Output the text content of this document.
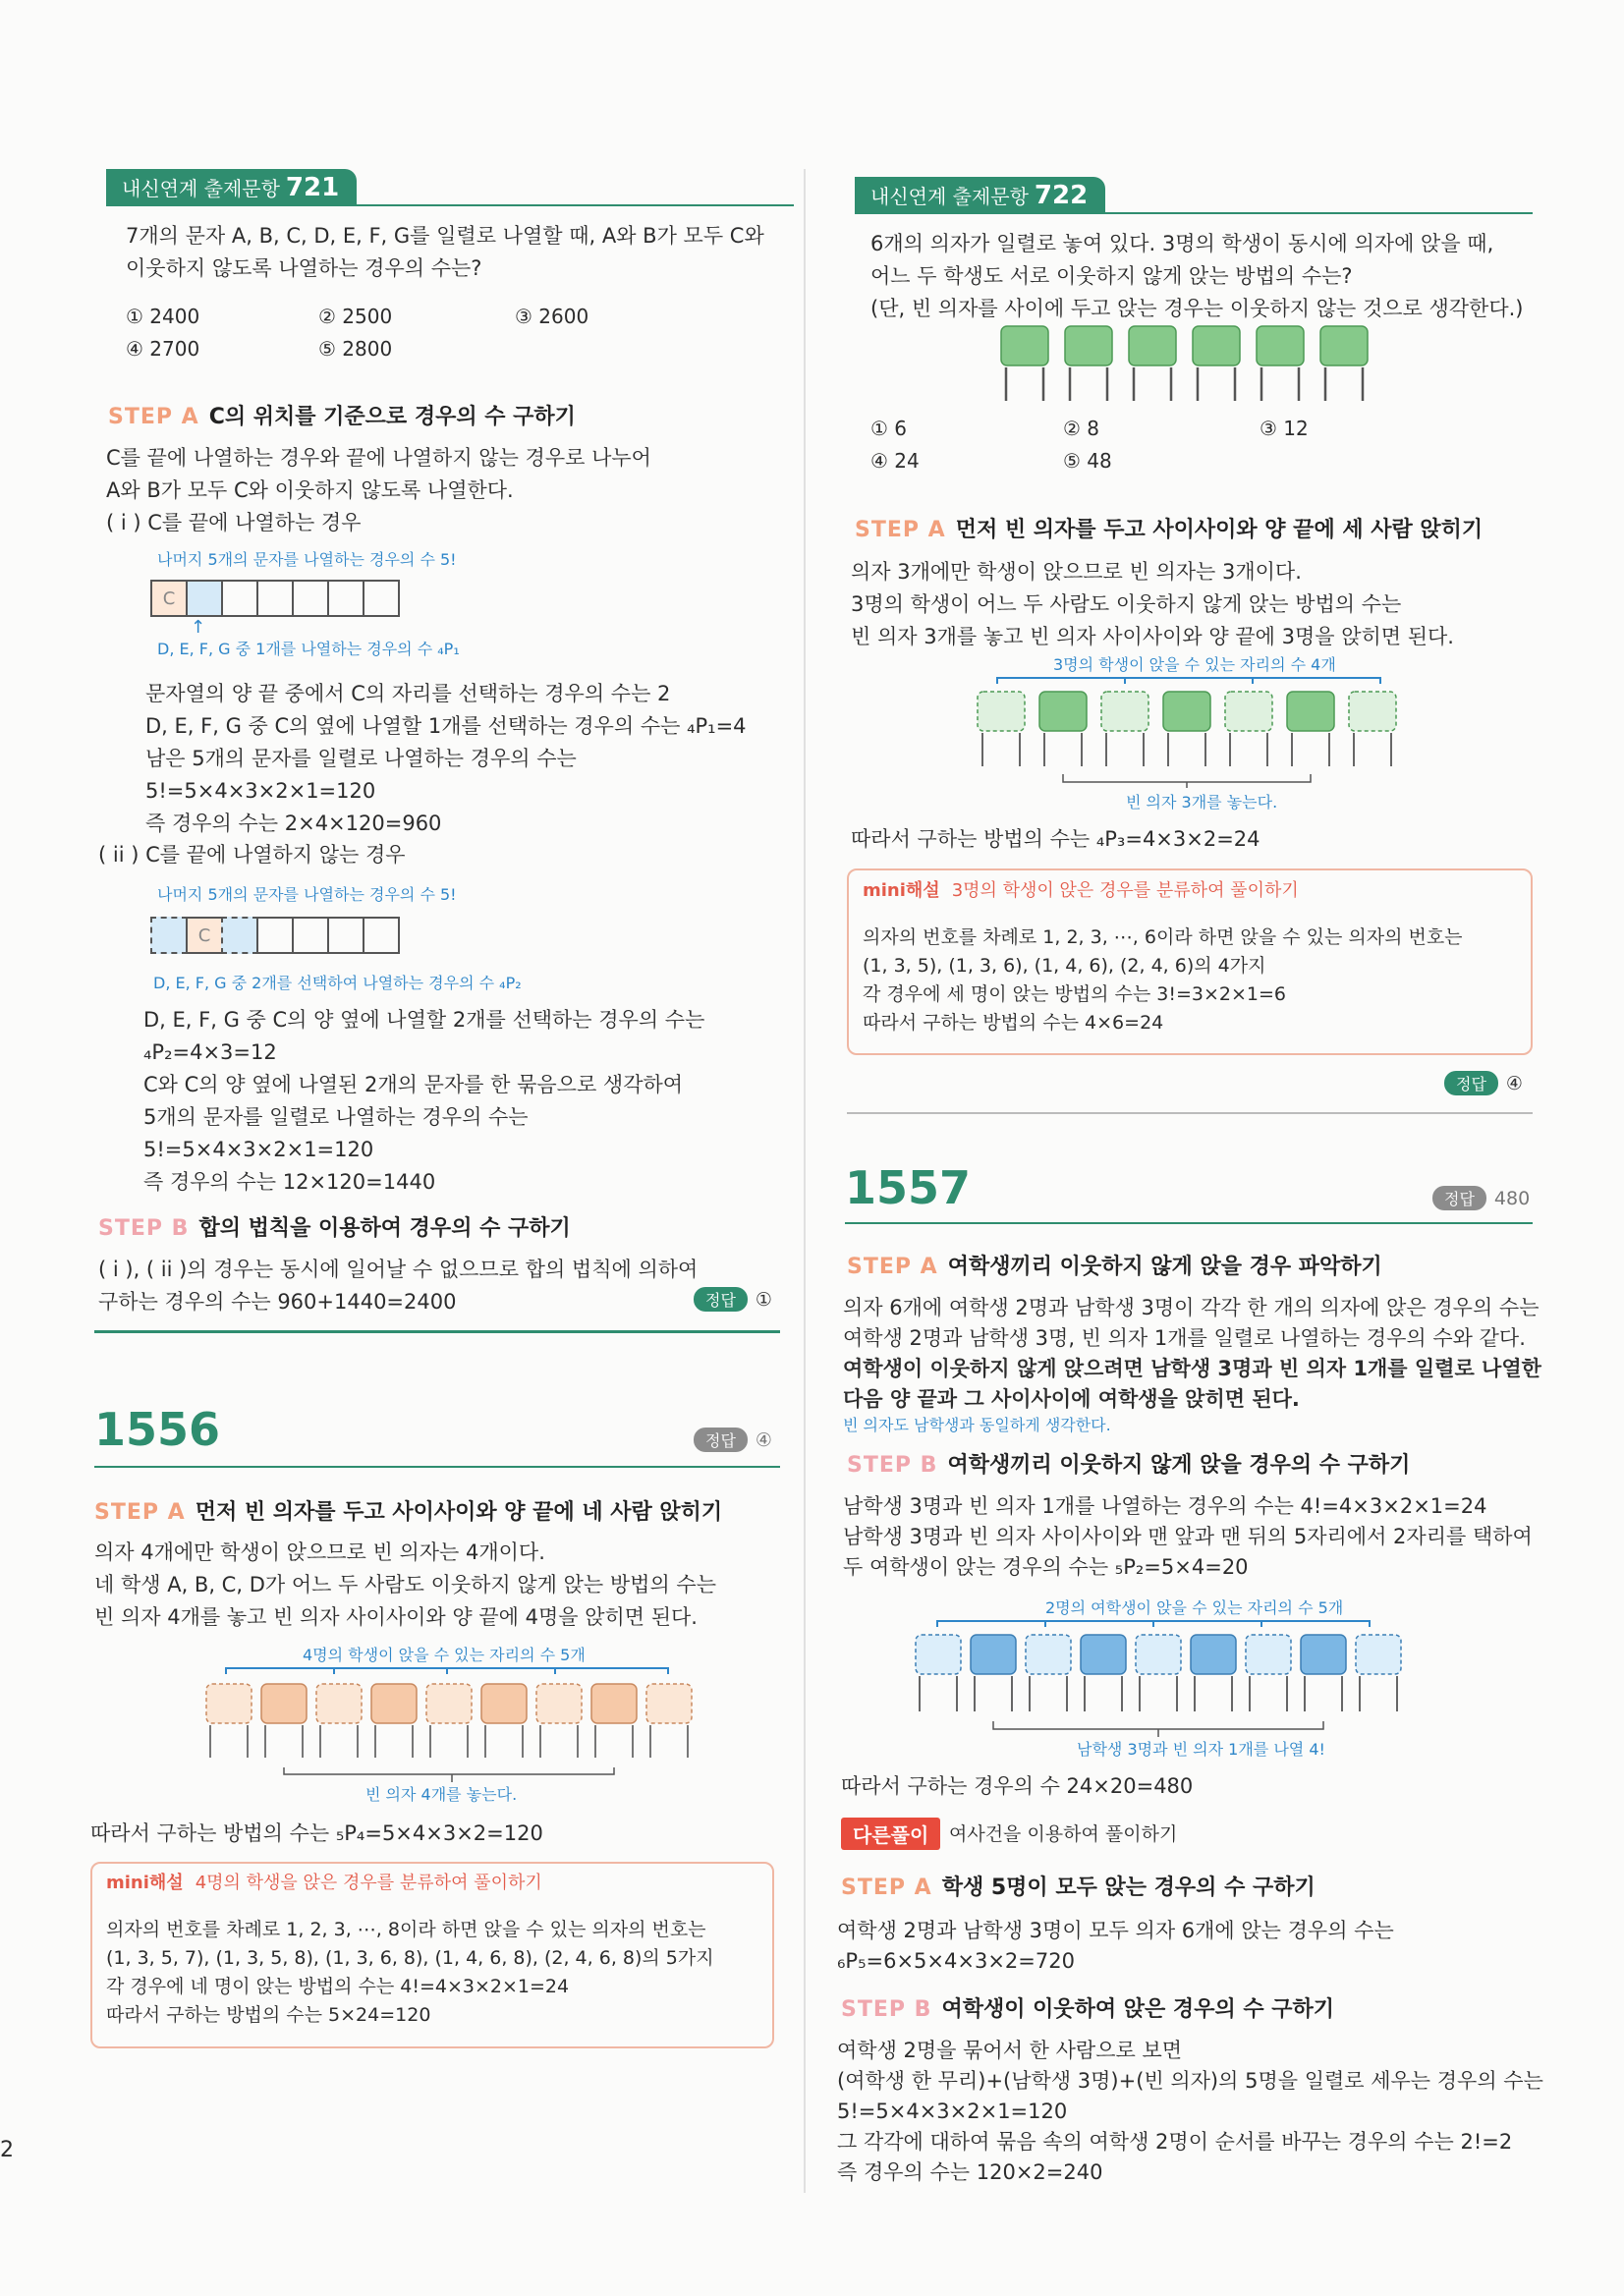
내신연계 출제문항 721
7개의 문자 A, B, C, D, E, F, G를 일렬로 나열할 때, A와 B가 모두 C와
이웃하지 않도록 나열하는 경우의 수는?
① 2400	② 2500	③ 2600
④ 2700	⑤ 2800
STEP A C의 위치를 기준으로 경우의 수 구하기
C를 끝에 나열하는 경우와 끝에 나열하지 않는 경우로 나누어
A와 B가 모두 C와 이웃하지 않도록 나열한다.
( i ) C를 끝에 나열하는 경우
나머지 5개의 문자를 나열하는 경우의 수 5!
C
↑
D, E, F, G 중 1개를 나열하는 경우의 수 ₄P₁
문자열의 양 끝 중에서 C의 자리를 선택하는 경우의 수는 2
D, E, F, G 중 C의 옆에 나열할 1개를 선택하는 경우의 수는 ₄P₁=4
남은 5개의 문자를 일렬로 나열하는 경우의 수는
5!=5×4×3×2×1=120
즉 경우의 수는 2×4×120=960
( ii ) C를 끝에 나열하지 않는 경우
나머지 5개의 문자를 나열하는 경우의 수 5!
C
D, E, F, G 중 2개를 선택하여 나열하는 경우의 수 ₄P₂
D, E, F, G 중 C의 양 옆에 나열할 2개를 선택하는 경우의 수는
₄P₂=4×3=12
C와 C의 양 옆에 나열된 2개의 문자를 한 묶음으로 생각하여
5개의 문자를 일렬로 나열하는 경우의 수는
5!=5×4×3×2×1=120
즉 경우의 수는 12×120=1440
STEP B 합의 법칙을 이용하여 경우의 수 구하기
( i ), ( ii )의 경우는 동시에 일어날 수 없으므로 합의 법칙에 의하여
구하는 경우의 수는 960+1440=2400	정답 ①
1556	정답 ④
STEP A 먼저 빈 의자를 두고 사이사이와 양 끝에 네 사람 앉히기
의자 4개에만 학생이 앉으므로 빈 의자는 4개이다.
네 학생 A, B, C, D가 어느 두 사람도 이웃하지 않게 앉는 방법의 수는
빈 의자 4개를 놓고 빈 의자 사이사이와 양 끝에 4명을 앉히면 된다.
4명의 학생이 앉을 수 있는 자리의 수 5개
빈 의자 4개를 놓는다.
따라서 구하는 방법의 수는 ₅P₄=5×4×3×2=120
mini해설 4명의 학생을 앉은 경우를 분류하여 풀이하기
의자의 번호를 차례로 1, 2, 3, ⋯, 8이라 하면 앉을 수 있는 의자의 번호는
(1, 3, 5, 7), (1, 3, 5, 8), (1, 3, 6, 8), (1, 4, 6, 8), (2, 4, 6, 8)의 5가지
각 경우에 네 명이 앉는 방법의 수는 4!=4×3×2×1=24
따라서 구하는 방법의 수는 5×24=120
내신연계 출제문항 722
6개의 의자가 일렬로 놓여 있다. 3명의 학생이 동시에 의자에 앉을 때,
어느 두 학생도 서로 이웃하지 않게 앉는 방법의 수는?
(단, 빈 의자를 사이에 두고 앉는 경우는 이웃하지 않는 것으로 생각한다.)
① 6	② 8	③ 12
④ 24	⑤ 48
STEP A 먼저 빈 의자를 두고 사이사이와 양 끝에 세 사람 앉히기
의자 3개에만 학생이 앉으므로 빈 의자는 3개이다.
3명의 학생이 어느 두 사람도 이웃하지 않게 앉는 방법의 수는
빈 의자 3개를 놓고 빈 의자 사이사이와 양 끝에 3명을 앉히면 된다.
3명의 학생이 앉을 수 있는 자리의 수 4개
빈 의자 3개를 놓는다.
따라서 구하는 방법의 수는 ₄P₃=4×3×2=24
mini해설 3명의 학생이 앉은 경우를 분류하여 풀이하기
의자의 번호를 차례로 1, 2, 3, ⋯, 6이라 하면 앉을 수 있는 의자의 번호는
(1, 3, 5), (1, 3, 6), (1, 4, 6), (2, 4, 6)의 4가지
각 경우에 세 명이 앉는 방법의 수는 3!=3×2×1=6
따라서 구하는 방법의 수는 4×6=24
정답 ④
1557	정답 480
STEP A 여학생끼리 이웃하지 않게 앉을 경우 파악하기
의자 6개에 여학생 2명과 남학생 3명이 각각 한 개의 의자에 앉은 경우의 수는
여학생 2명과 남학생 3명, 빈 의자 1개를 일렬로 나열하는 경우의 수와 같다.
여학생이 이웃하지 않게 앉으려면 남학생 3명과 빈 의자 1개를 일렬로 나열한
다음 양 끝과 그 사이사이에 여학생을 앉히면 된다.
빈 의자도 남학생과 동일하게 생각한다.
STEP B 여학생끼리 이웃하지 않게 앉을 경우의 수 구하기
남학생 3명과 빈 의자 1개를 나열하는 경우의 수는 4!=4×3×2×1=24
남학생 3명과 빈 의자 사이사이와 맨 앞과 맨 뒤의 5자리에서 2자리를 택하여
두 여학생이 앉는 경우의 수는 ₅P₂=5×4=20
2명의 여학생이 앉을 수 있는 자리의 수 5개
남학생 3명과 빈 의자 1개를 나열 4!
따라서 구하는 경우의 수 24×20=480
다른풀이	여사건을 이용하여 풀이하기
STEP A 학생 5명이 모두 앉는 경우의 수 구하기
여학생 2명과 남학생 3명이 모두 의자 6개에 앉는 경우의 수는
₆P₅=6×5×4×3×2=720
STEP B 여학생이 이웃하여 앉은 경우의 수 구하기
여학생 2명을 묶어서 한 사람으로 보면
(여학생 한 무리)+(남학생 3명)+(빈 의자)의 5명을 일렬로 세우는 경우의 수는
5!=5×4×3×2×1=120
그 각각에 대하여 묶음 속의 여학생 2명이 순서를 바꾸는 경우의 수는 2!=2
즉 경우의 수는 120×2=240
2
